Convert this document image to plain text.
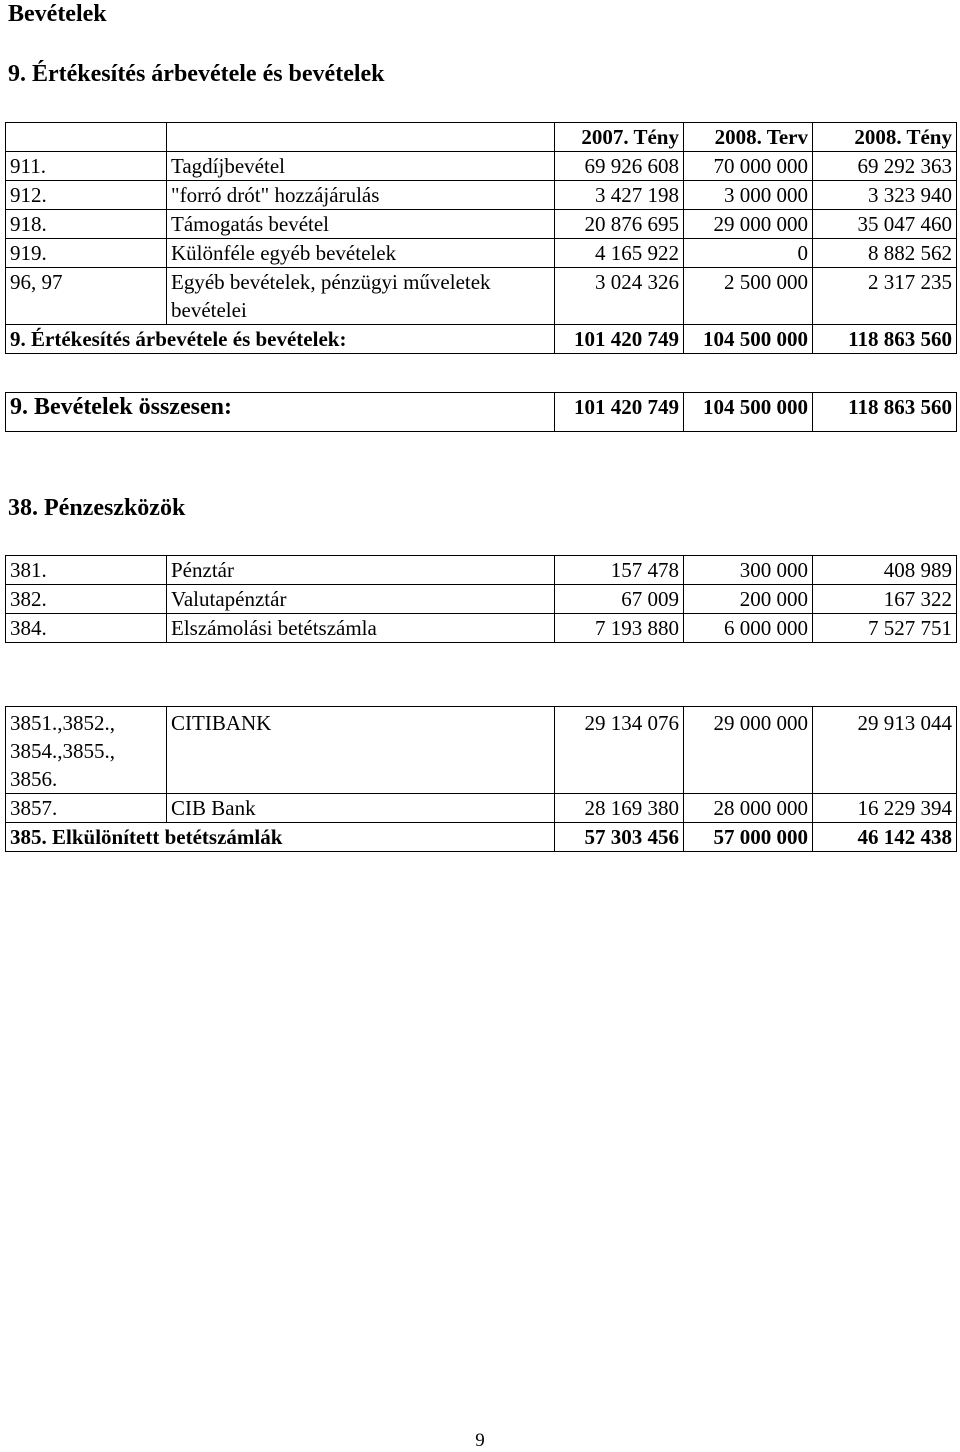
Bevételek
9. Értékesítés árbevétele és bevételek
		2007. Tény	2008. Terv	2008. Tény
911.	Tagdíjbevétel	69 926 608	70 000 000	69 292 363
912.	"forró drót" hozzájárulás	3 427 198	3 000 000	3 323 940
918.	Támogatás bevétel	20 876 695	29 000 000	35 047 460
919.	Különféle egyéb bevételek	4 165 922	0	8 882 562
96, 97	Egyéb bevételek, pénzügyi műveletek bevételei	3 024 326	2 500 000	2 317 235
9. Értékesítés árbevétele és bevételek:		101 420 749	104 500 000	118 863 560
9. Bevételek összesen:	101 420 749	104 500 000	118 863 560
38. Pénzeszközök
381.	Pénztár	157 478	300 000	408 989
382.	Valutapénztár	67 009	200 000	167 322
384.	Elszámolási betétszámla	7 193 880	6 000 000	7 527 751
3851.,3852., 3854.,3855., 3856.	CITIBANK	29 134 076	29 000 000	29 913 044
3857.	CIB Bank	28 169 380	28 000 000	16 229 394
385. Elkülönített betétszámlák		57 303 456	57 000 000	46 142 438
9
